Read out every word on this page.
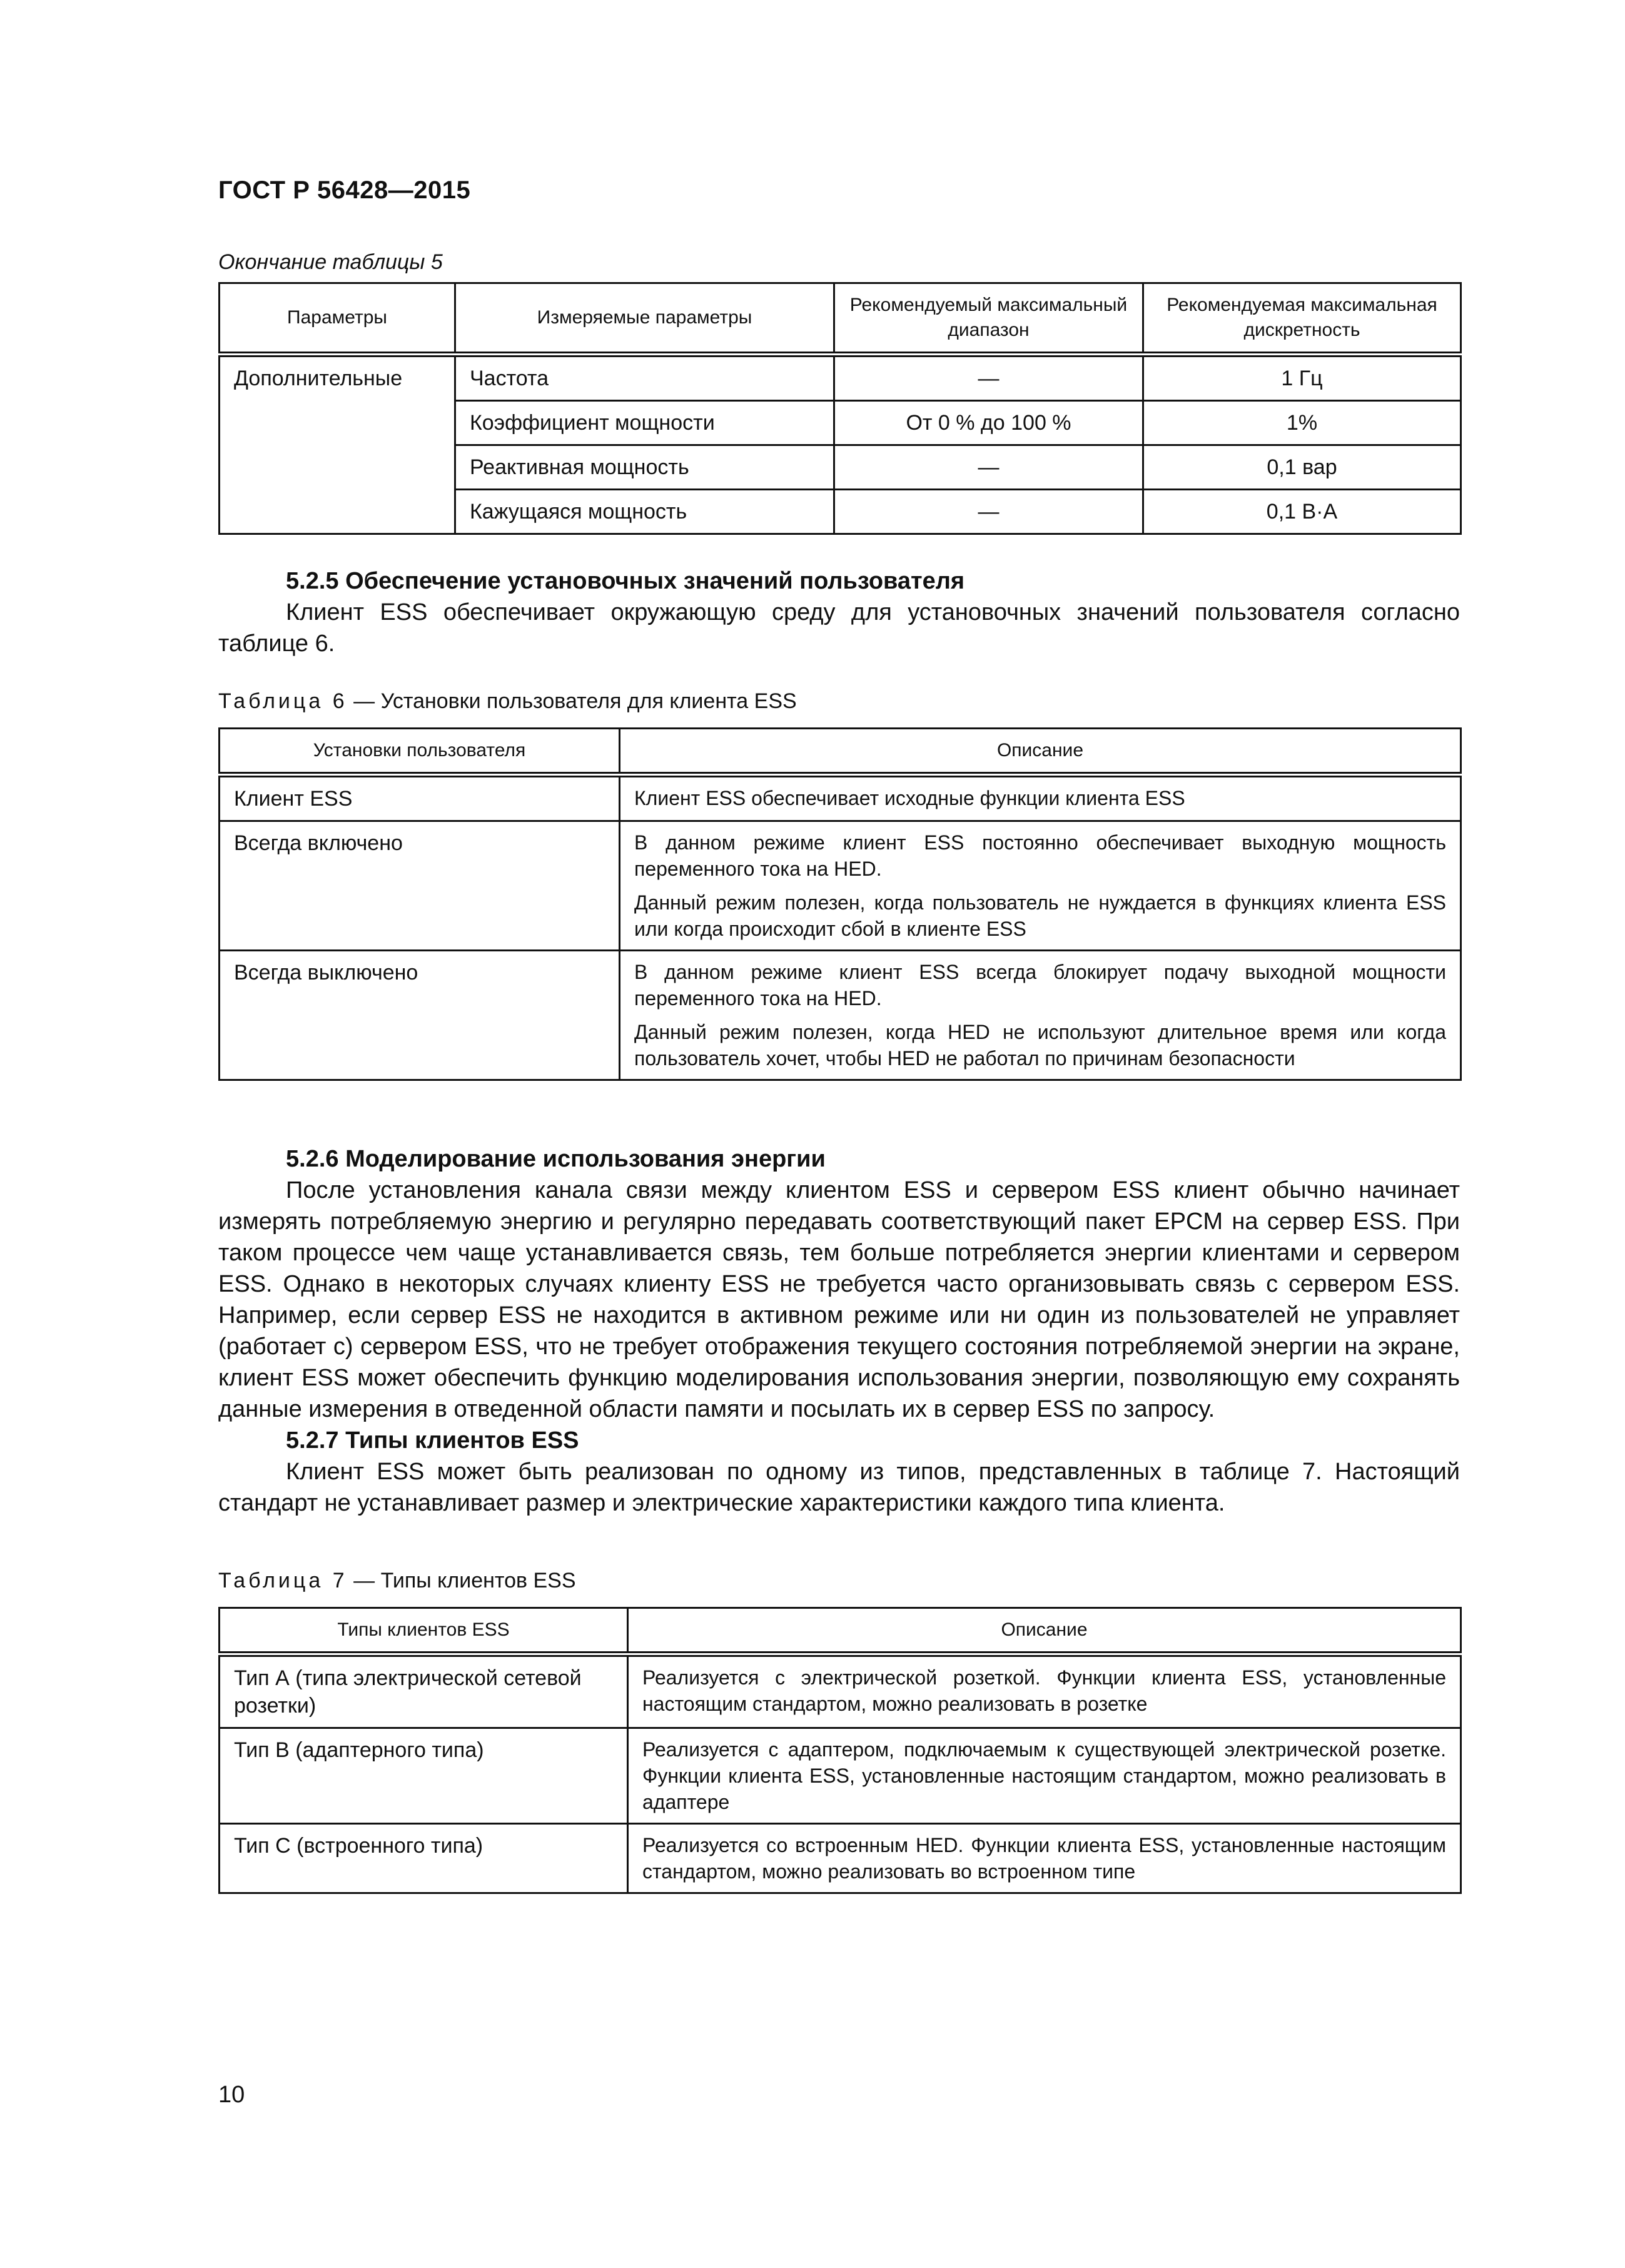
ГОСТ Р 56428—2015

Окончание таблицы 5

Параметры	Измеряемые параметры	Рекомендуемый максимальный диапазон	Рекомендуемая максимальная дискретность
Дополнительные	Частота	—	1 Гц
	Коэффициент мощности	От 0 % до 100 %	1%
	Реактивная мощность	—	0,1 вар
	Кажущаяся мощность	—	0,1 В·А

5.2.5 Обеспечение установочных значений пользователя

Клиент ESS обеспечивает окружающую среду для установочных значений пользователя согласно таблице 6.

Таблица 6 — Установки пользователя для клиента ESS

Установки пользователя	Описание
Клиент ESS	Клиент ESS обеспечивает исходные функции клиента ESS

Всегда включено	В данном режиме клиент ESS постоянно обеспечивает выходную мощность переменного тока на HED.

Данный режим полезен, когда пользователь не нуждается в функциях клиента ESS или когда происходит сбой в клиенте ESS

Всегда выключено	В данном режиме клиент ESS всегда блокирует подачу выходной мощности переменного тока на HED.

Данный режим полезен, когда HED не используют длительное время или когда пользователь хочет, чтобы HED не работал по причинам безопасности

5.2.6 Моделирование использования энергии

После установления канала связи между клиентом ESS и сервером ESS клиент обычно начинает измерять потребляемую энергию и регулярно передавать соответствующий пакет EPCM на сервер ESS. При таком процессе чем чаще устанавливается связь, тем больше потребляется энергии клиентами и сервером ESS. Однако в некоторых случаях клиенту ESS не требуется часто организовывать связь с сервером ESS. Например, если сервер ESS не находится в активном режиме или ни один из пользователей не управляет (работает с) сервером ESS, что не требует отображения текущего состояния потребляемой энергии на экране, клиент ESS может обеспечить функцию моделирования использования энергии, позволяющую ему сохранять данные измерения в отведенной области памяти и посылать их в сервер ESS по запросу.

5.2.7 Типы клиентов ESS

Клиент ESS может быть реализован по одному из типов, представленных в таблице 7. Настоящий стандарт не устанавливает размер и электрические характеристики каждого типа клиента.

Таблица 7 — Типы клиентов ESS

Типы клиентов ESS	Описание
Тип А (типа электрической сетевой розетки)	Реализуется с электрической розеткой. Функции клиента ESS, установленные настоящим стандартом, можно реализовать в розетке
Тип В (адаптерного типа)	Реализуется с адаптером, подключаемым к существующей электрической розетке. Функции клиента ESS, установленные настоящим стандартом, можно реализовать в адаптере
Тип С (встроенного типа)	Реализуется со встроенным HED. Функции клиента ESS, установленные настоящим стандартом, можно реализовать во встроенном типе
10
